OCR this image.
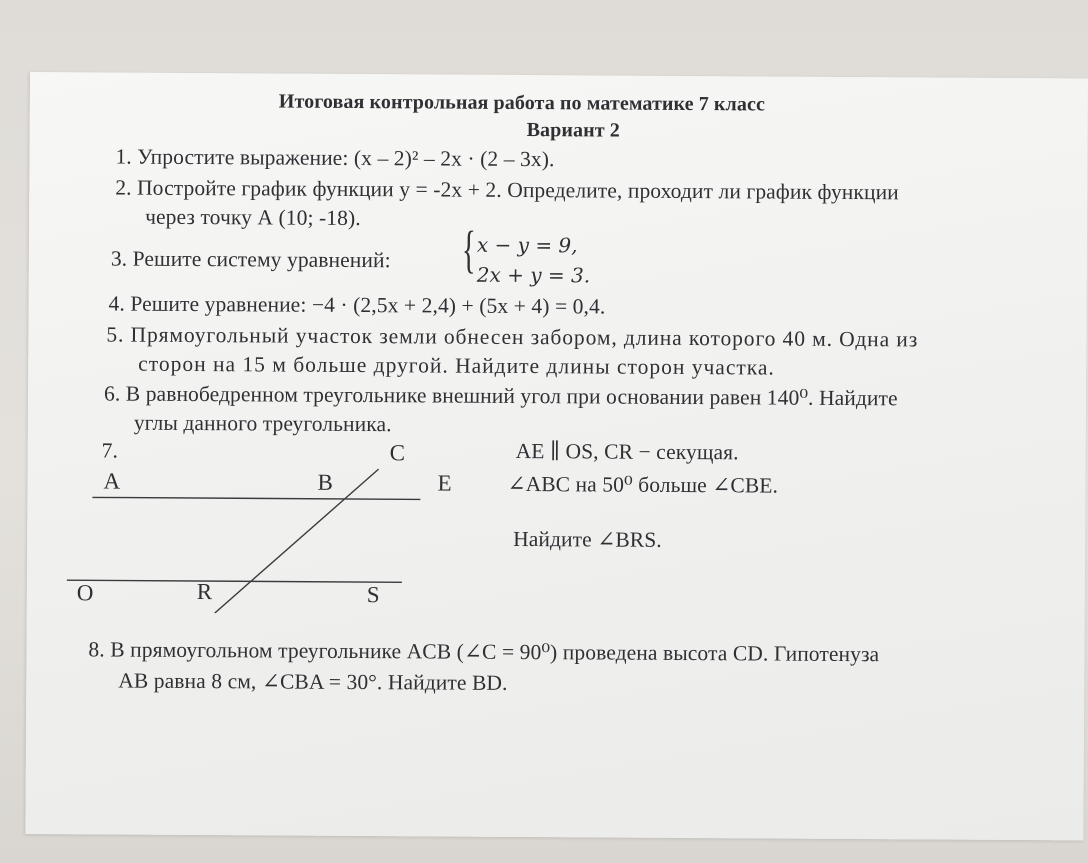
Итоговая контрольная работа по математике 7 класс
Вариант 2
1. Упростите выражение: (х – 2)² – 2х · (2 – 3х).
2. Постройте график функции у = -2х + 2. Определите, проходит ли график функции
через точку А (10; -18).
3. Решите систему уравнений: { x − y = 9,
2x + y = 3.
4. Решите уравнение: −4 · (2,5x + 2,4) + (5x + 4) = 0,4.
5. Прямоугольный участок земли обнесен забором, длина которого 40 м. Одна из
сторон на 15 м больше другой. Найдите длины сторон участка.
6. В равнобедренном треугольнике внешний угол при основании равен 140⁰. Найдите
углы данного треугольника.
7.
А	В
С
Е
О	R	S
AE ∥ OS, CR − секущая.
∠ABC на 50⁰ больше ∠CBE.
Найдите ∠BRS.
8. В прямоугольном треугольнике ACB (∠C = 90⁰) проведена высота CD. Гипотенуза
AB равна 8 см, ∠CBA = 30°. Найдите BD.
